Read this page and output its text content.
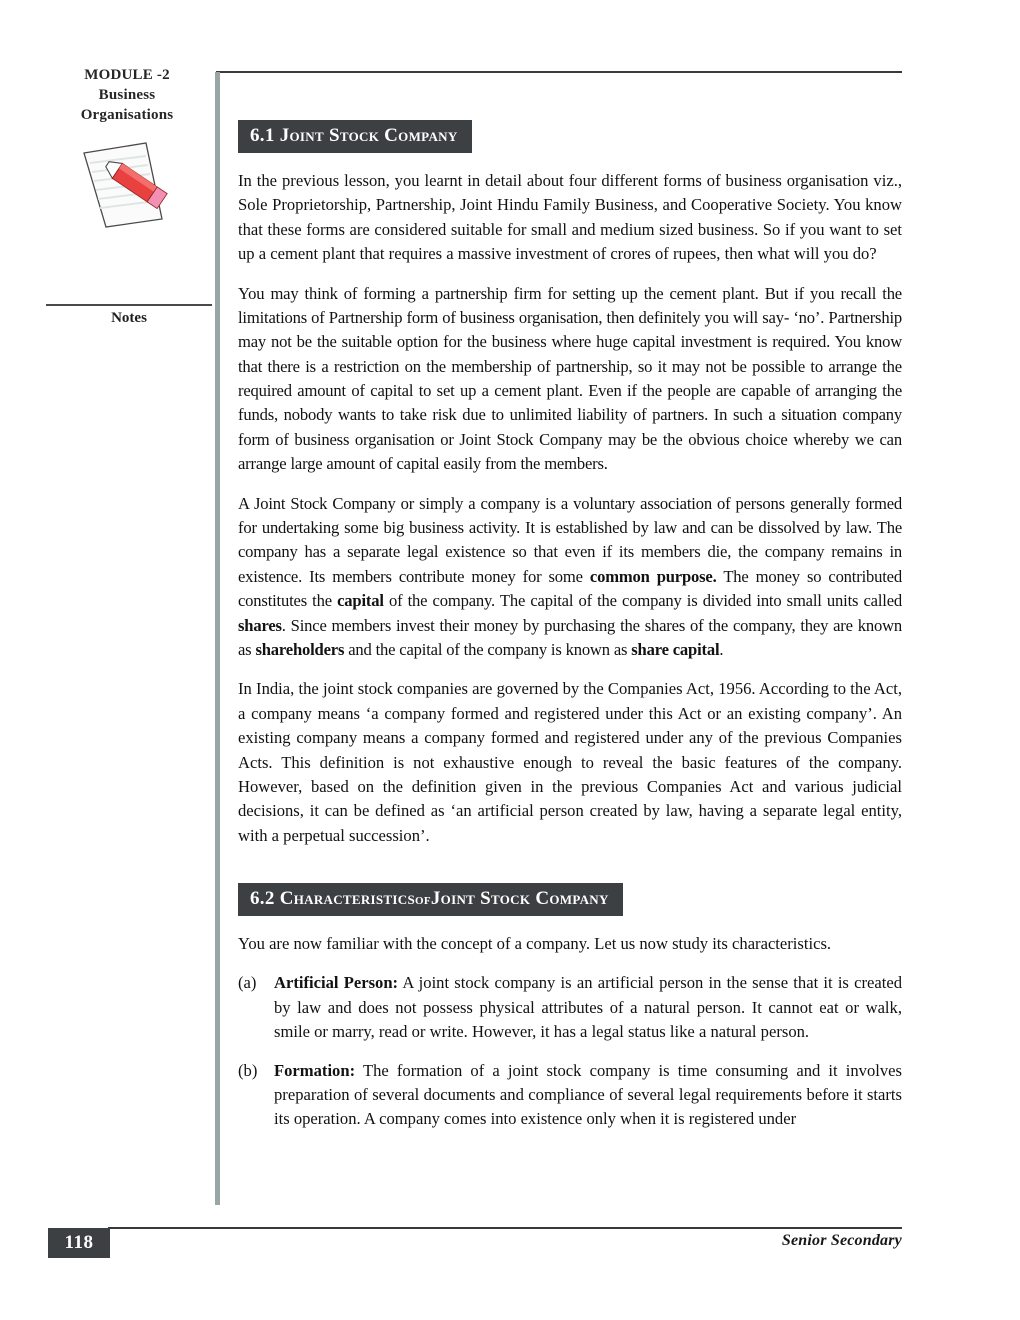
MODULE -2
Business
Organisations
Notes
6.1 Joint Stock Company

In the previous lesson, you learnt in detail about four different forms of business organisation viz., Sole Proprietorship, Partnership, Joint Hindu Family Business, and Cooperative Society. You know that these forms are considered suitable for small and medium sized business. So if you want to set up a cement plant that requires a massive investment of crores of rupees, then what will you do?

You may think of forming a partnership firm for setting up the cement plant. But if you recall the limitations of Partnership form of business organisation, then definitely you will say- ‘no’. Partnership may not be the suitable option for the business where huge capital investment is required. You know that there is a restriction on the membership of partnership, so it may not be possible to arrange the required amount of capital to set up a cement plant. Even if the people are capable of arranging the funds, nobody wants to take risk due to unlimited liability of partners. In such a situation company form of business organisation or Joint Stock Company may be the obvious choice whereby we can arrange large amount of capital easily from the members.

A Joint Stock Company or simply a company is a voluntary association of persons generally formed for undertaking some big business activity. It is established by law and can be dissolved by law. The company has a separate legal existence so that even if its members die, the company remains in existence. Its members contribute money for some common purpose. The money so contributed constitutes the capital of the company. The capital of the company is divided into small units called shares. Since members invest their money by purchasing the shares of the company, they are known as shareholders and the capital of the company is known as share capital.

In India, the joint stock companies are governed by the Companies Act, 1956. According to the Act, a company means ‘a company formed and registered under this Act or an existing company’. An existing company means a company formed and registered under any of the previous Companies Acts. This definition is not exhaustive enough to reveal the basic features of the company. However, based on the definition given in the previous Companies Act and various judicial decisions, it can be defined as ‘an artificial person created by law, having a separate legal entity, with a perpetual succession’.

6.2 CharacteristicsofJoint Stock Company

You are now familiar with the concept of a company. Let us now study its characteristics.

(a)	Artificial Person: A joint stock company is an artificial person in the sense that it is created by law and does not possess physical attributes of a natural person. It cannot eat or walk, smile or marry, read or write. However, it has a legal status like a natural person.
(b)	Formation: The formation of a joint stock company is time consuming and it involves preparation of several documents and compliance of several legal requirements before it starts its operation. A company comes into existence only when it is registered under
118	Senior Secondary
